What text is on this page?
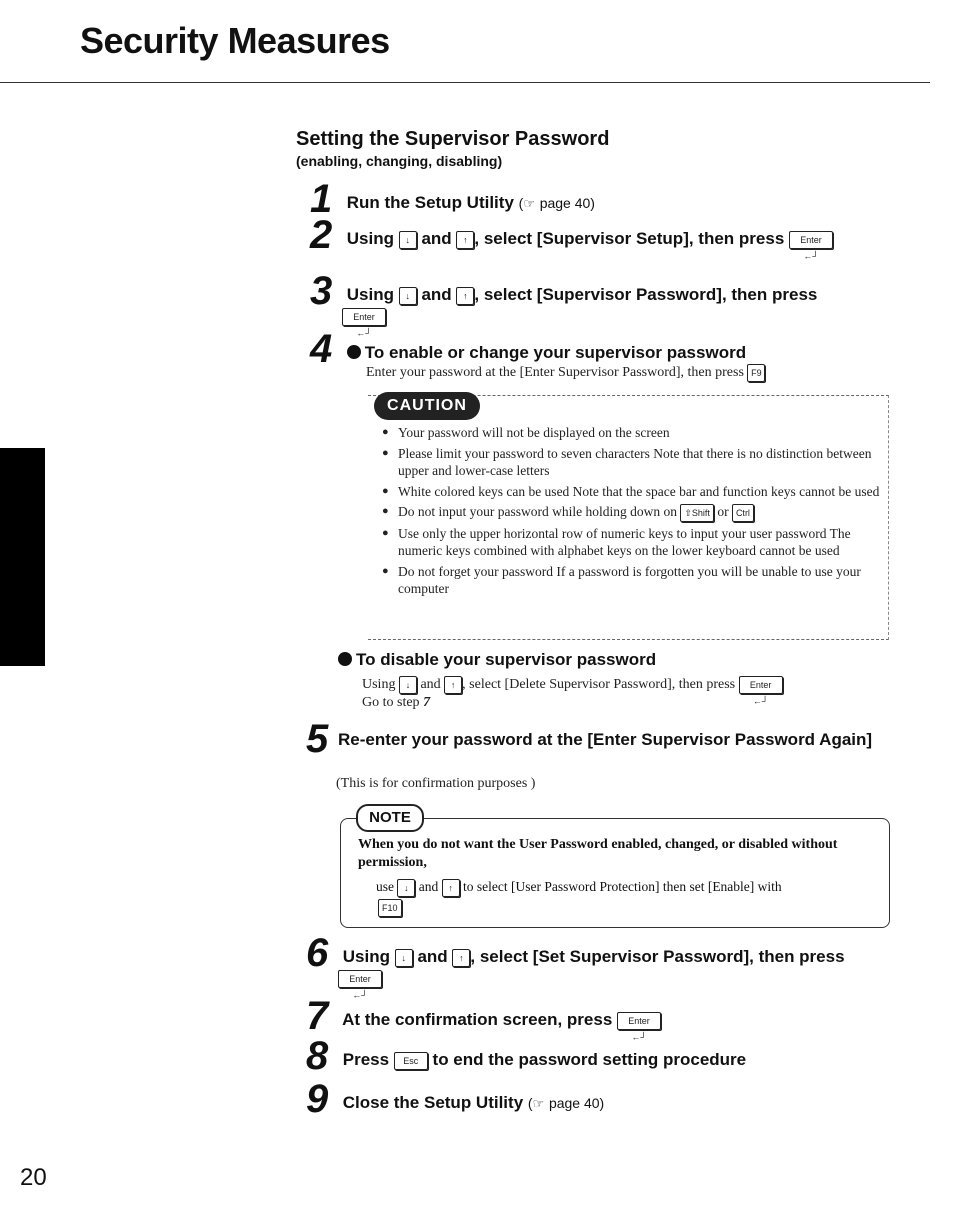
Security Measures
Setting the Supervisor Password
(enabling, changing, disabling)
1 Run the Setup Utility (☞ page 40)
2 Using ↓ and ↑ , select [Supervisor Setup], then press Enter ←┘
3 Using ↓ and ↑ , select [Supervisor Password], then press
Enter ←┘
4 To enable or change your supervisor password
Enter your password at the [Enter Supervisor Password], then press F9
CAUTION
● Your password will not be displayed on the screen
● Please limit your password to seven characters Note that there is no distinction between upper and lower-case letters
● White colored keys can be used Note that the space bar and function keys cannot be used
● Do not input your password while holding down on ⇧Shift or Ctrl
● Use only the upper horizontal row of numeric keys to input your user password The numeric keys combined with alphabet keys on the lower keyboard cannot be used
● Do not forget your password If a password is forgotten you will be unable to use your computer
To disable your supervisor password
Using ↓ and ↑ , select [Delete Supervisor Password], then press Enter ←┘
Go to step 7
5 Re-enter your password at the [Enter Supervisor Password Again]
(This is for confirmation purposes )
NOTE
When you do not want the User Password enabled, changed, or disabled without permission,
use ↓ and ↑ to select [User Password Protection] then set [Enable] with
F10
6 Using ↓ and ↑ , select [Set Supervisor Password], then press
Enter ←┘
7 At the confirmation screen, press Enter ←┘
8 Press Esc to end the password setting procedure
9 Close the Setup Utility (☞ page 40)
20
